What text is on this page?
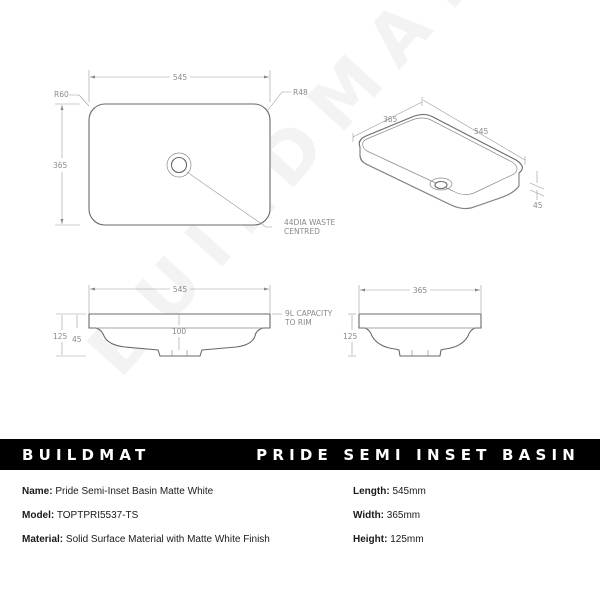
545
R60	R48
365
44DIA WASTE
CENTRED
365
545
45
545
125 45
100
9L CAPACITY
TO RIM
365
125
BUILDMAT	PRIDE SEMI INSET BASIN
Name: Pride Semi-Inset Basin Matte White
Model: TOPTPRI5537-TS
Material: Solid Surface Material with Matte White Finish
Length: 545mm
Width: 365mm
Height: 125mm
